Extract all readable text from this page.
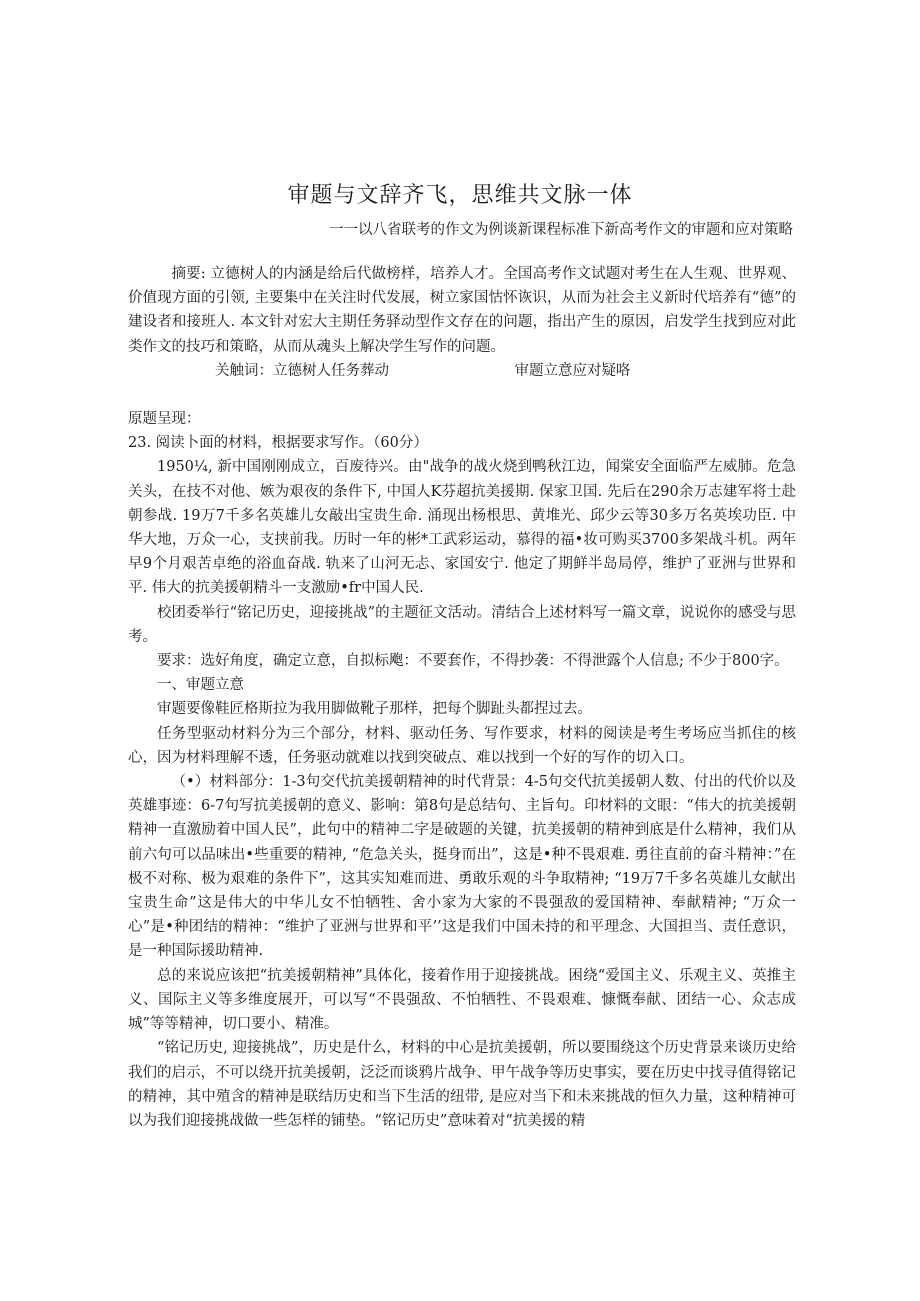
审题与文辞齐飞，思维共文脉一体
一一以八省联考的作文为例谈新课程标准下新高考作文的审题和应对策略

摘要: 立德树人的内涵是给后代做榜样，培养人才。全国高考作文试题对考生在人生观、世界观、价值现方面的引领, 主要集中在关注时代发展，树立家国怙怀诙识，从而为社会主义新时代培养有“德”的建设者和接班人. 本文针对宏大主期任务驿动型作文存在的问题，指出产生的原因，启发学生找到应对此类作文的技巧和策略，从而从魂头上解决学生写作的问题。

关触词：立德树人任务葬动	审题立意应对疑咯

原题呈现：

23. 阅读卜面的材料，根据要求写作。（60分）

1950¼, 新中国刚刚成立，百废待兴。由"战争的战火烧到鸭秋江边，闻棠安全面临严左威肺。危急关头，在技不对他、嫉为艰夜的条件下, 中国人K芬超抗美援期. 保家卫国. 先后在290余万志建军将士赴朝参战. 19万7千多名英雄儿女敲出宝贵生命. 涌现出杨根思、黄堆光、邱少云等30多万名英埃功臣. 中华大地，万众一心，支挟前我。历时一年的彬*工武彩运动，慕得的福•妆可购买3700多架战斗机。两年早9个月艰苦卓绝的浴血奋战. 轨来了山河无忐、家国安宁. 他定了期鲜半岛局停，维护了亚洲与世界和平. 伟大的抗美援朝精斗一支激励•fr中国人民.

校团委举行“铭记历史，迎接挑战”的主题征文活动。清结合上述材料写一篇文章，说说你的感受与思考。

要求：选好角度，确定立意，自拟标飑：不要套作，不得抄袭：不得泄露个人信息; 不少于800字。

一、审题立意

审题要像鞋匠格斯拉为我用脚做靴子那样，把每个脚趾头都捏过去。

任务型驱动材料分为三个部分，材料、驱动任务、写作要求，材料的阅读是考生考场应当抓住的核心，因为材料理解不透，任务驱动就难以找到突破点、难以找到一个好的写作的切入口。

（•）材料部分：1-3句交代抗美援朝精神的时代背景：4-5句交代抗美援朝人数、付出的代价以及英雄事迹：6-7句写抗美援朝的意义、影响：第8句是总结句、主旨句。印材料的文眼：“伟大的抗美援朝精神一直激励着中国人民”，此句中的精神二字是破题的关键，抗美援朝的精神到底是什么精神，我们从前六句可以品味出•些重要的精神, “危急关头，挺身而出”，这是•种不畏艰难. 勇往直前的奋斗精神：”在极不对称、极为艰难的条件下”，这其实知难而进、勇敢乐观的斗争取精神; “19万7千多名英雄儿女献出宝贵生命”这是伟大的中华儿女不怕牺牲、舍小家为大家的不畏强敌的爱国精神、奉献精神; “万众一心”是•种团结的精神：“维护了亚洲与世界和平’’这是我们中国未持的和平理念、大国担当、责任意识，是一种国际援助精神.

总的来说应该把“抗美援朝精神”具体化，接着作用于迎接挑战。困绕“爱国主义、乐观主义、英推主义、国际主义等多维度展开，可以写“不畏强敌、不怕牺牲、不畏艰难、慷慨奉献、团结一心、众志成城”等等精神，切口要小、精准。

“铭记历史, 迎接挑战”，历史是什么，材料的中心是抗美援朝，所以要围绕这个历史背景来谈历史给我们的启示，不可以绕开抗美援朝，泛泛而谈鸦片战争、甲午战争等历史事实，要在历史中找寻值得铭记的精神，其中殖含的精神是联结历史和当下生活的纽带, 是应对当下和未来挑战的恒久力量，这种精神可以为我们迎接挑战做一些怎样的铺垫。“铭记历史”意味着对“抗美援的精
